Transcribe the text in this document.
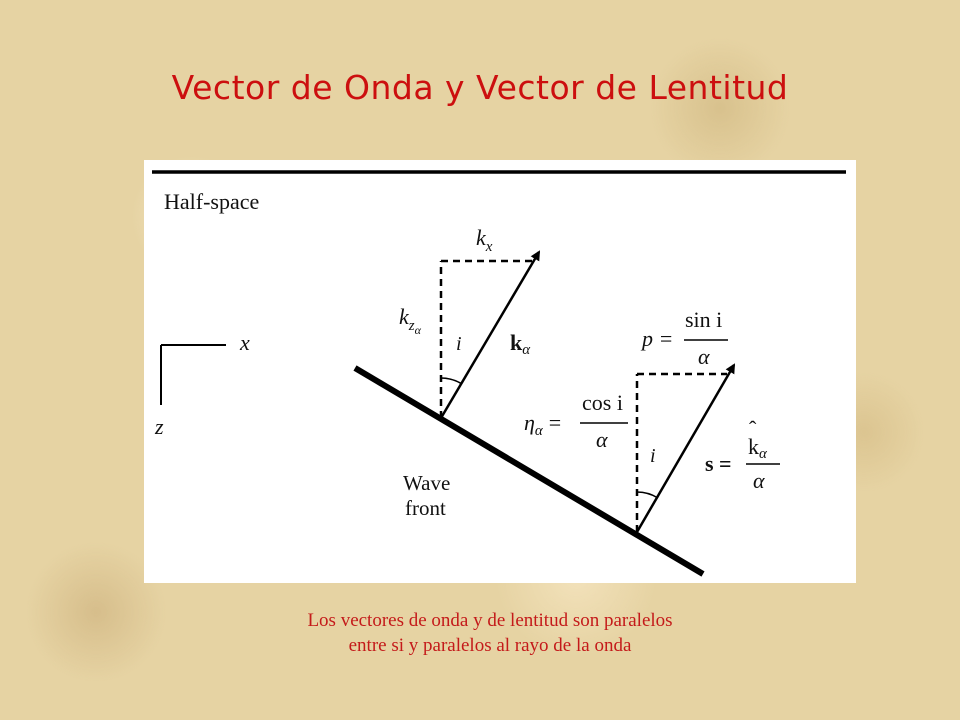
Vector de Onda y Vector de Lentitud
Half-space
x
z
Wave
front
i
$k_x$
$k_z\alpha$	kα
i
p =
sin i
α
$\eta_\alpha$ =
cos i
α
s =
ˆ
kα
α
Los vectores de onda y de lentitud son paralelos
entre si y paralelos al rayo de la onda
